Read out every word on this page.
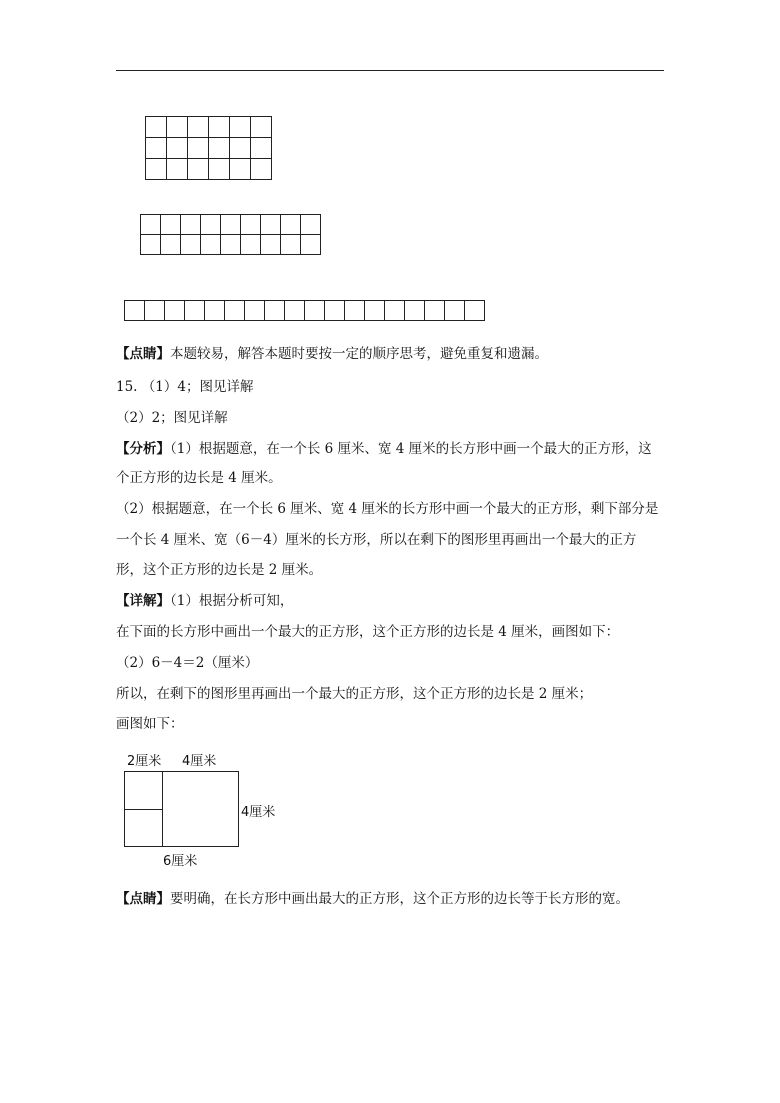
【点睛】本题较易，解答本题时要按一定的顺序思考，避免重复和遗漏。
15. （1）4；图见详解
（2）2；图见详解
【分析】（1）根据题意，在一个长 6 厘米、宽 4 厘米的长方形中画一个最大的正方形，这
个正方形的边长是 4 厘米。
（2）根据题意，在一个长 6 厘米、宽 4 厘米的长方形中画一个最大的正方形，剩下部分是
一个长 4 厘米、宽（6－4）厘米的长方形，所以在剩下的图形里再画出一个最大的正方
形，这个正方形的边长是 2 厘米。
【详解】（1）根据分析可知，
在下面的长方形中画出一个最大的正方形，这个正方形的边长是 4 厘米，画图如下：
（2）6－4＝2（厘米）
所以，在剩下的图形里再画出一个最大的正方形，这个正方形的边长是 2 厘米；
画图如下：
2厘米 4厘米
4厘米
6厘米
【点睛】要明确，在长方形中画出最大的正方形，这个正方形的边长等于长方形的宽。
